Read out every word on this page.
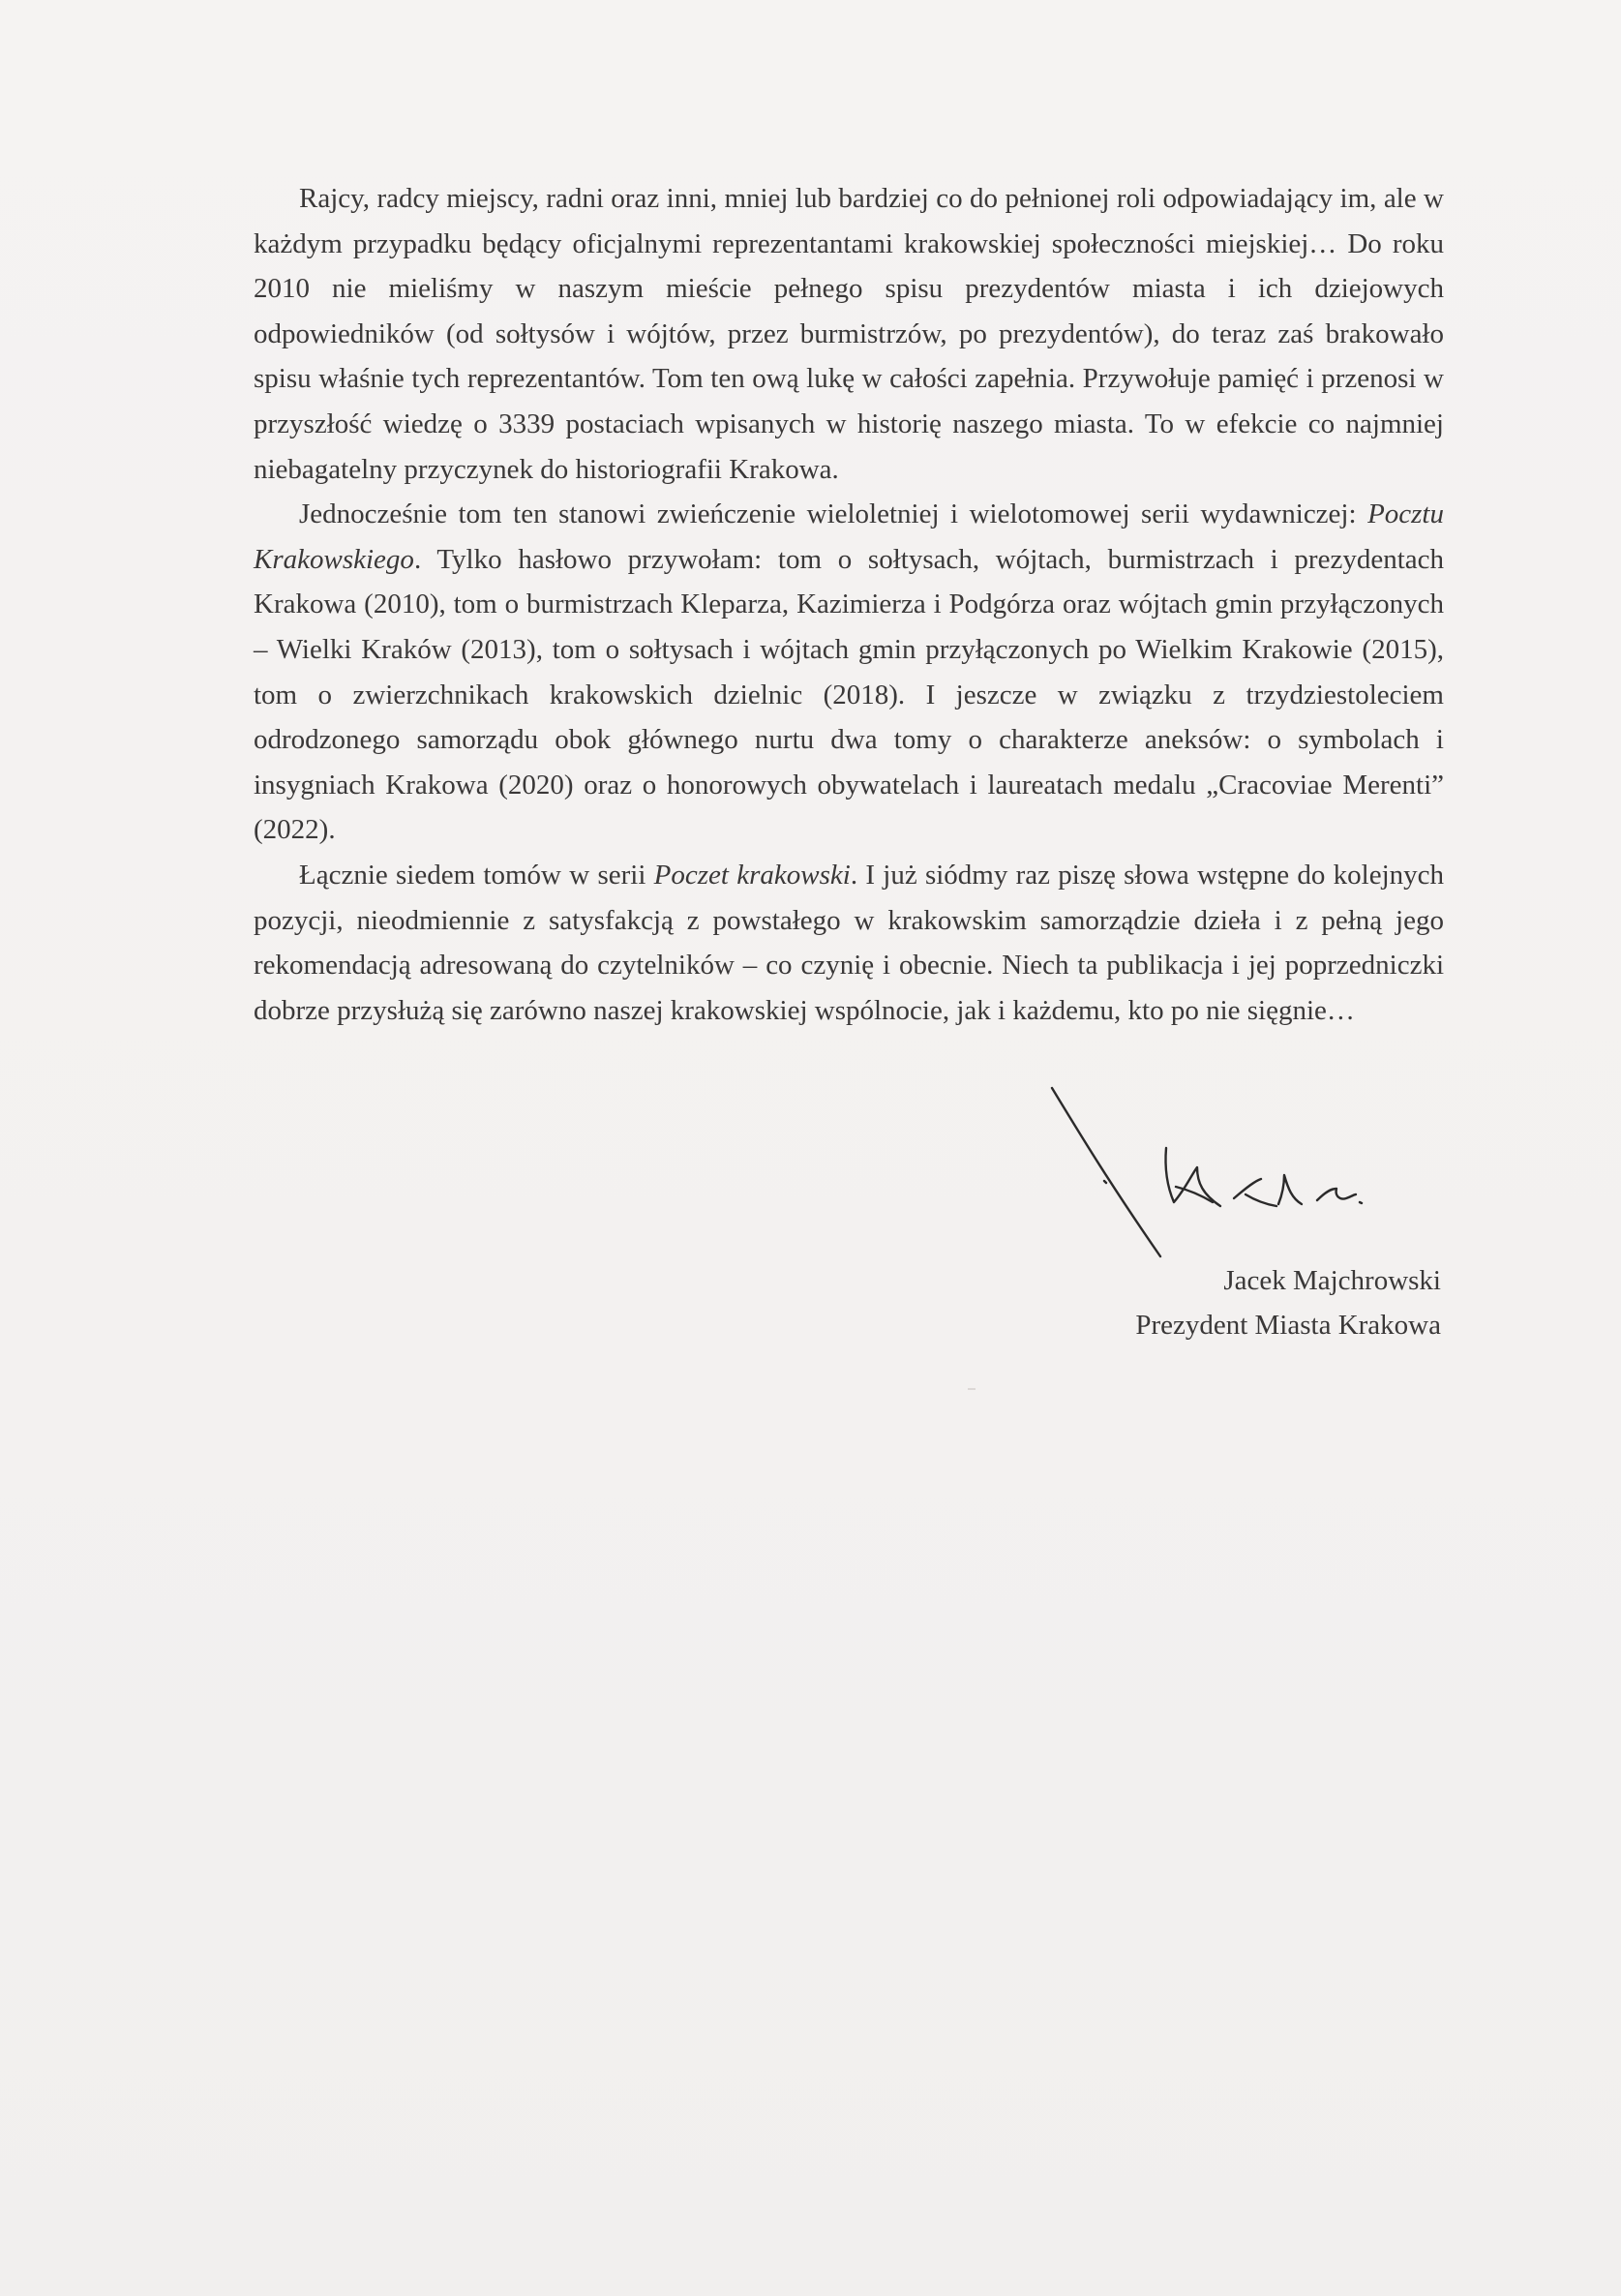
Rajcy, radcy miejscy, radni oraz inni, mniej lub bardziej co do pełnionej roli odpowiadający im, ale w każdym przypadku będący oficjalnymi reprezentantami krakowskiej społeczności miejskiej… Do roku 2010 nie mieliśmy w naszym mieście pełnego spisu prezydentów miasta i ich dziejowych odpowiedników (od sołtysów i wójtów, przez burmistrzów, po prezydentów), do teraz zaś brakowało spisu właśnie tych reprezentantów. Tom ten ową lukę w całości zapełnia. Przywołuje pamięć i przenosi w przyszłość wiedzę o 3339 postaciach wpisanych w historię naszego miasta. To w efekcie co najmniej niebagatelny przyczynek do historiografii Krakowa.

Jednocześnie tom ten stanowi zwieńczenie wieloletniej i wielotomowej serii wydawniczej: Pocztu Krakowskiego. Tylko hasłowo przywołam: tom o sołtysach, wójtach, burmistrzach i prezydentach Krakowa (2010), tom o burmistrzach Kleparza, Kazimierza i Podgórza oraz wójtach gmin przyłączonych – Wielki Kraków (2013), tom o sołtysach i wójtach gmin przyłączonych po Wielkim Krakowie (2015), tom o zwierzchnikach krakowskich dzielnic (2018). I jeszcze w związku z trzydziestoleciem odrodzonego samorządu obok głównego nurtu dwa tomy o charakterze aneksów: o symbolach i insygniach Krakowa (2020) oraz o honorowych obywatelach i laureatach medalu „Cracoviae Merenti” (2022).

Łącznie siedem tomów w serii Poczet krakowski. I już siódmy raz piszę słowa wstępne do kolejnych pozycji, nieodmiennie z satysfakcją z powstałego w krakowskim samorządzie dzieła i z pełną jego rekomendacją adresowaną do czytelników – co czynię i obecnie. Niech ta publikacja i jej poprzedniczki dobrze przysłużą się zarówno naszej krakowskiej wspólnocie, jak i każdemu, kto po nie sięgnie…

Jacek Majchrowski
Prezydent Miasta Krakowa
